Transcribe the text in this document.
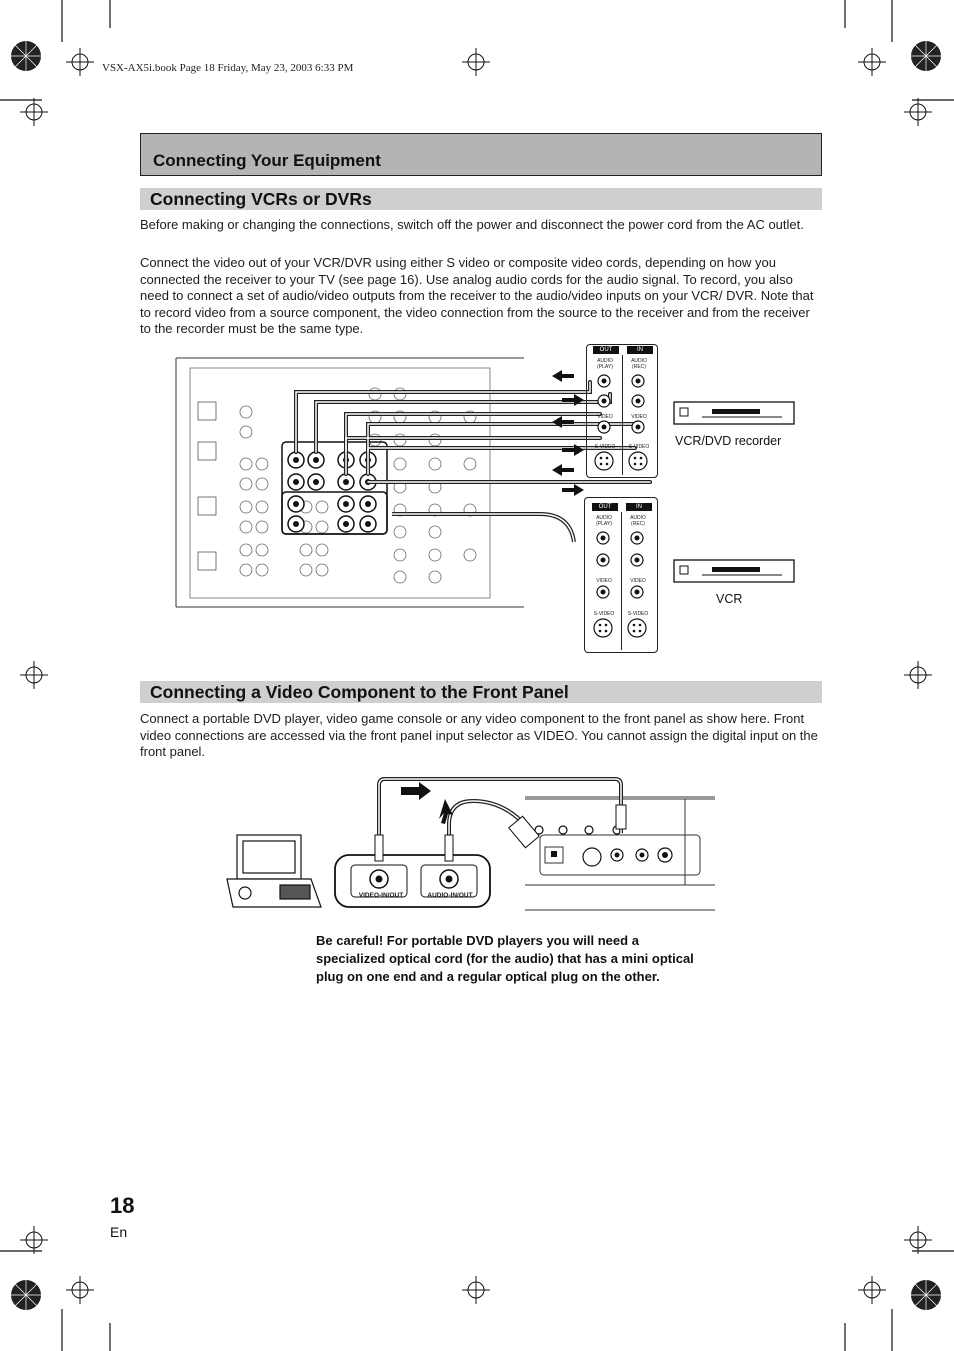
VSX-AX5i.book Page 18 Friday, May 23, 2003 6:33 PM
Connecting Your Equipment
Connecting VCRs or DVRs
Before making or changing the connections, switch off the power and disconnect the power cord from the AC outlet.
Connect the video out of your VCR/DVR using either S video or composite video cords, depending on how you connected the receiver to your TV (see page 16). Use analog audio cords for the audio signal. To record, you also need to connect a set of audio/video outputs from the receiver to the audio/video inputs on your VCR/ DVR. Note that to record video from a source component, the video connection from the source to the receiver and from the receiver to the recorder must be the same type.
OUT	IN
AUDIO (PLAY)
AUDIO (REC)
VIDEO	VIDEO
S-VIDEO	S-VIDEO
OUT	IN
AUDIO (PLAY)
AUDIO (REC)
VIDEO	VIDEO
S-VIDEO	S-VIDEO
VCR/DVD recorder
VCR
Connecting a Video Component to the Front Panel
Connect a portable DVD player, video game console or any video component to the front panel as show here. Front video connections are accessed via the front panel input selector as VIDEO. You cannot assign the digital input on the front panel.
VIDEO-IN/OUT	AUDIO-IN/OUT
Be careful! For portable DVD players you will need a specialized optical cord (for the audio) that has a mini optical plug on one end and a regular optical plug on the other.
18
En
